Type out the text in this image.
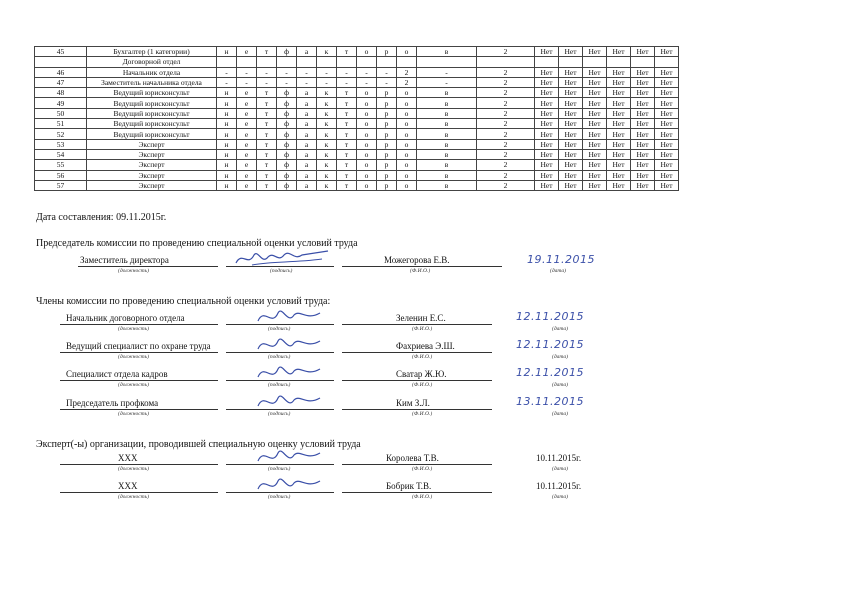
45	Бухгалтер (1 категории)	н	е	т	ф	а	к	т	о	р	о	в	2	Нет	Нет	Нет	Нет	Нет	Нет
	Договорной отдел																		
46	Начальник отдела	-	-	-	-	-	-	-	-	-	2	-	2	Нет	Нет	Нет	Нет	Нет	Нет
47	Заместитель начальника отдела	-	-	-	-	-	-	-	-	-	2	-	2	Нет	Нет	Нет	Нет	Нет	Нет
48	Ведущий юрисконсульт	н	е	т	ф	а	к	т	о	р	о	в	2	Нет	Нет	Нет	Нет	Нет	Нет
49	Ведущий юрисконсульт	н	е	т	ф	а	к	т	о	р	о	в	2	Нет	Нет	Нет	Нет	Нет	Нет
50	Ведущий юрисконсульт	н	е	т	ф	а	к	т	о	р	о	в	2	Нет	Нет	Нет	Нет	Нет	Нет
51	Ведущий юрисконсульт	н	е	т	ф	а	к	т	о	р	о	в	2	Нет	Нет	Нет	Нет	Нет	Нет
52	Ведущий юрисконсульт	н	е	т	ф	а	к	т	о	р	о	в	2	Нет	Нет	Нет	Нет	Нет	Нет
53	Эксперт	н	е	т	ф	а	к	т	о	р	о	в	2	Нет	Нет	Нет	Нет	Нет	Нет
54	Эксперт	н	е	т	ф	а	к	т	о	р	о	в	2	Нет	Нет	Нет	Нет	Нет	Нет
55	Эксперт	н	е	т	ф	а	к	т	о	р	о	в	2	Нет	Нет	Нет	Нет	Нет	Нет
56	Эксперт	н	е	т	ф	а	к	т	о	р	о	в	2	Нет	Нет	Нет	Нет	Нет	Нет
57	Эксперт	н	е	т	ф	а	к	т	о	р	о	в	2	Нет	Нет	Нет	Нет	Нет	Нет
Дата составления: 09.11.2015г.
Председатель комиссии по проведению специальной оценки условий труда
Заместитель директора
(должность)	(подпись)
Можегорова Е.В.
(Ф.И.О.)
19.11.2015
(дата)
Члены комиссии по проведению специальной оценки условий труда:
Начальник договорного отдела
(должность)	(подпись)
Зеленин Е.С.
(Ф.И.О.)
12.11.2015
(дата)
Ведущий специалист по охране труда
(должность)	(подпись)
Фахриева Э.Ш.
(Ф.И.О.)
12.11.2015
(дата)
Специалист отдела кадров
(должность)	(подпись)
Сватар Ж.Ю.
(Ф.И.О.)
12.11.2015
(дата)
Председатель профкома
(должность)	(подпись)
Ким З.Л.
(Ф.И.О.)
13.11.2015
(дата)
Эксперт(-ы) организации, проводившей специальную оценку условий труда
XXX
(должность)	(подпись)
Королева Т.В.
(Ф.И.О.)
10.11.2015г.
(дата)
XXX
(должность)	(подпись)
Бобрик Т.В.
(Ф.И.О.)
10.11.2015г.
(дата)
